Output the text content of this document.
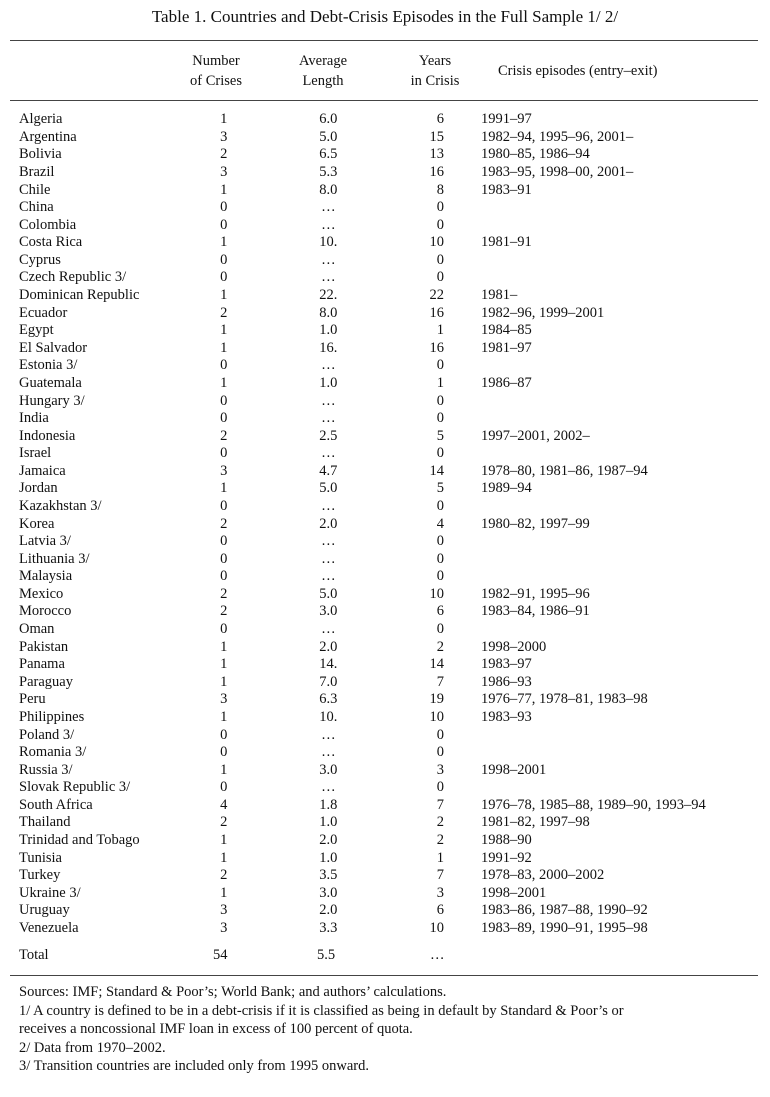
Table 1. Countries and Debt-Crisis Episodes in the Full Sample 1/ 2/
Number
of Crises
Average
Length
Years
in Crisis
Crisis episodes (entry–exit)
Algeria	1	6.0	6	1991–97
Argentina	3	5.0	15	1982–94, 1995–96, 2001–
Bolivia	2	6.5	13	1980–85, 1986–94
Brazil	3	5.3	16	1983–95, 1998–00, 2001–
Chile	1	8.0	8	1983–91
China	0	…	0	
Colombia	0	…	0	
Costa Rica	1	10.	10	1981–91
Cyprus	0	…	0	
Czech Republic 3/	0	…	0	
Dominican Republic	1	22.	22	1981–
Ecuador	2	8.0	16	1982–96, 1999–2001
Egypt	1	1.0	1	1984–85
El Salvador	1	16.	16	1981–97
Estonia 3/	0	…	0	
Guatemala	1	1.0	1	1986–87
Hungary 3/	0	…	0	
India	0	…	0	
Indonesia	2	2.5	5	1997–2001, 2002–
Israel	0	…	0	
Jamaica	3	4.7	14	1978–80, 1981–86, 1987–94
Jordan	1	5.0	5	1989–94
Kazakhstan 3/	0	…	0	
Korea	2	2.0	4	1980–82, 1997–99
Latvia 3/	0	…	0	
Lithuania 3/	0	…	0	
Malaysia	0	…	0	
Mexico	2	5.0	10	1982–91, 1995–96
Morocco	2	3.0	6	1983–84, 1986–91
Oman	0	…	0	
Pakistan	1	2.0	2	1998–2000
Panama	1	14.	14	1983–97
Paraguay	1	7.0	7	1986–93
Peru	3	6.3	19	1976–77, 1978–81, 1983–98
Philippines	1	10.	10	1983–93
Poland 3/	0	…	0	
Romania 3/	0	…	0	
Russia 3/	1	3.0	3	1998–2001
Slovak Republic 3/	0	…	0	
South Africa	4	1.8	7	1976–78, 1985–88, 1989–90, 1993–94
Thailand	2	1.0	2	1981–82, 1997–98
Trinidad and Tobago	1	2.0	2	1988–90
Tunisia	1	1.0	1	1991–92
Turkey	2	3.5	7	1978–83, 2000–2002
Ukraine 3/	1	3.0	3	1998–2001
Uruguay	3	2.0	6	1983–86, 1987–88, 1990–92
Venezuela	3	3.3	10	1983–89, 1990–91, 1995–98
Total	54	5.5	…
Sources: IMF; Standard & Poor’s; World Bank; and authors’ calculations.
1/ A country is defined to be in a debt-crisis if it is classified as being in default by Standard & Poor’s or
receives a noncossional IMF loan in excess of 100 percent of quota.
2/ Data from 1970–2002.
3/ Transition countries are included only from 1995 onward.
